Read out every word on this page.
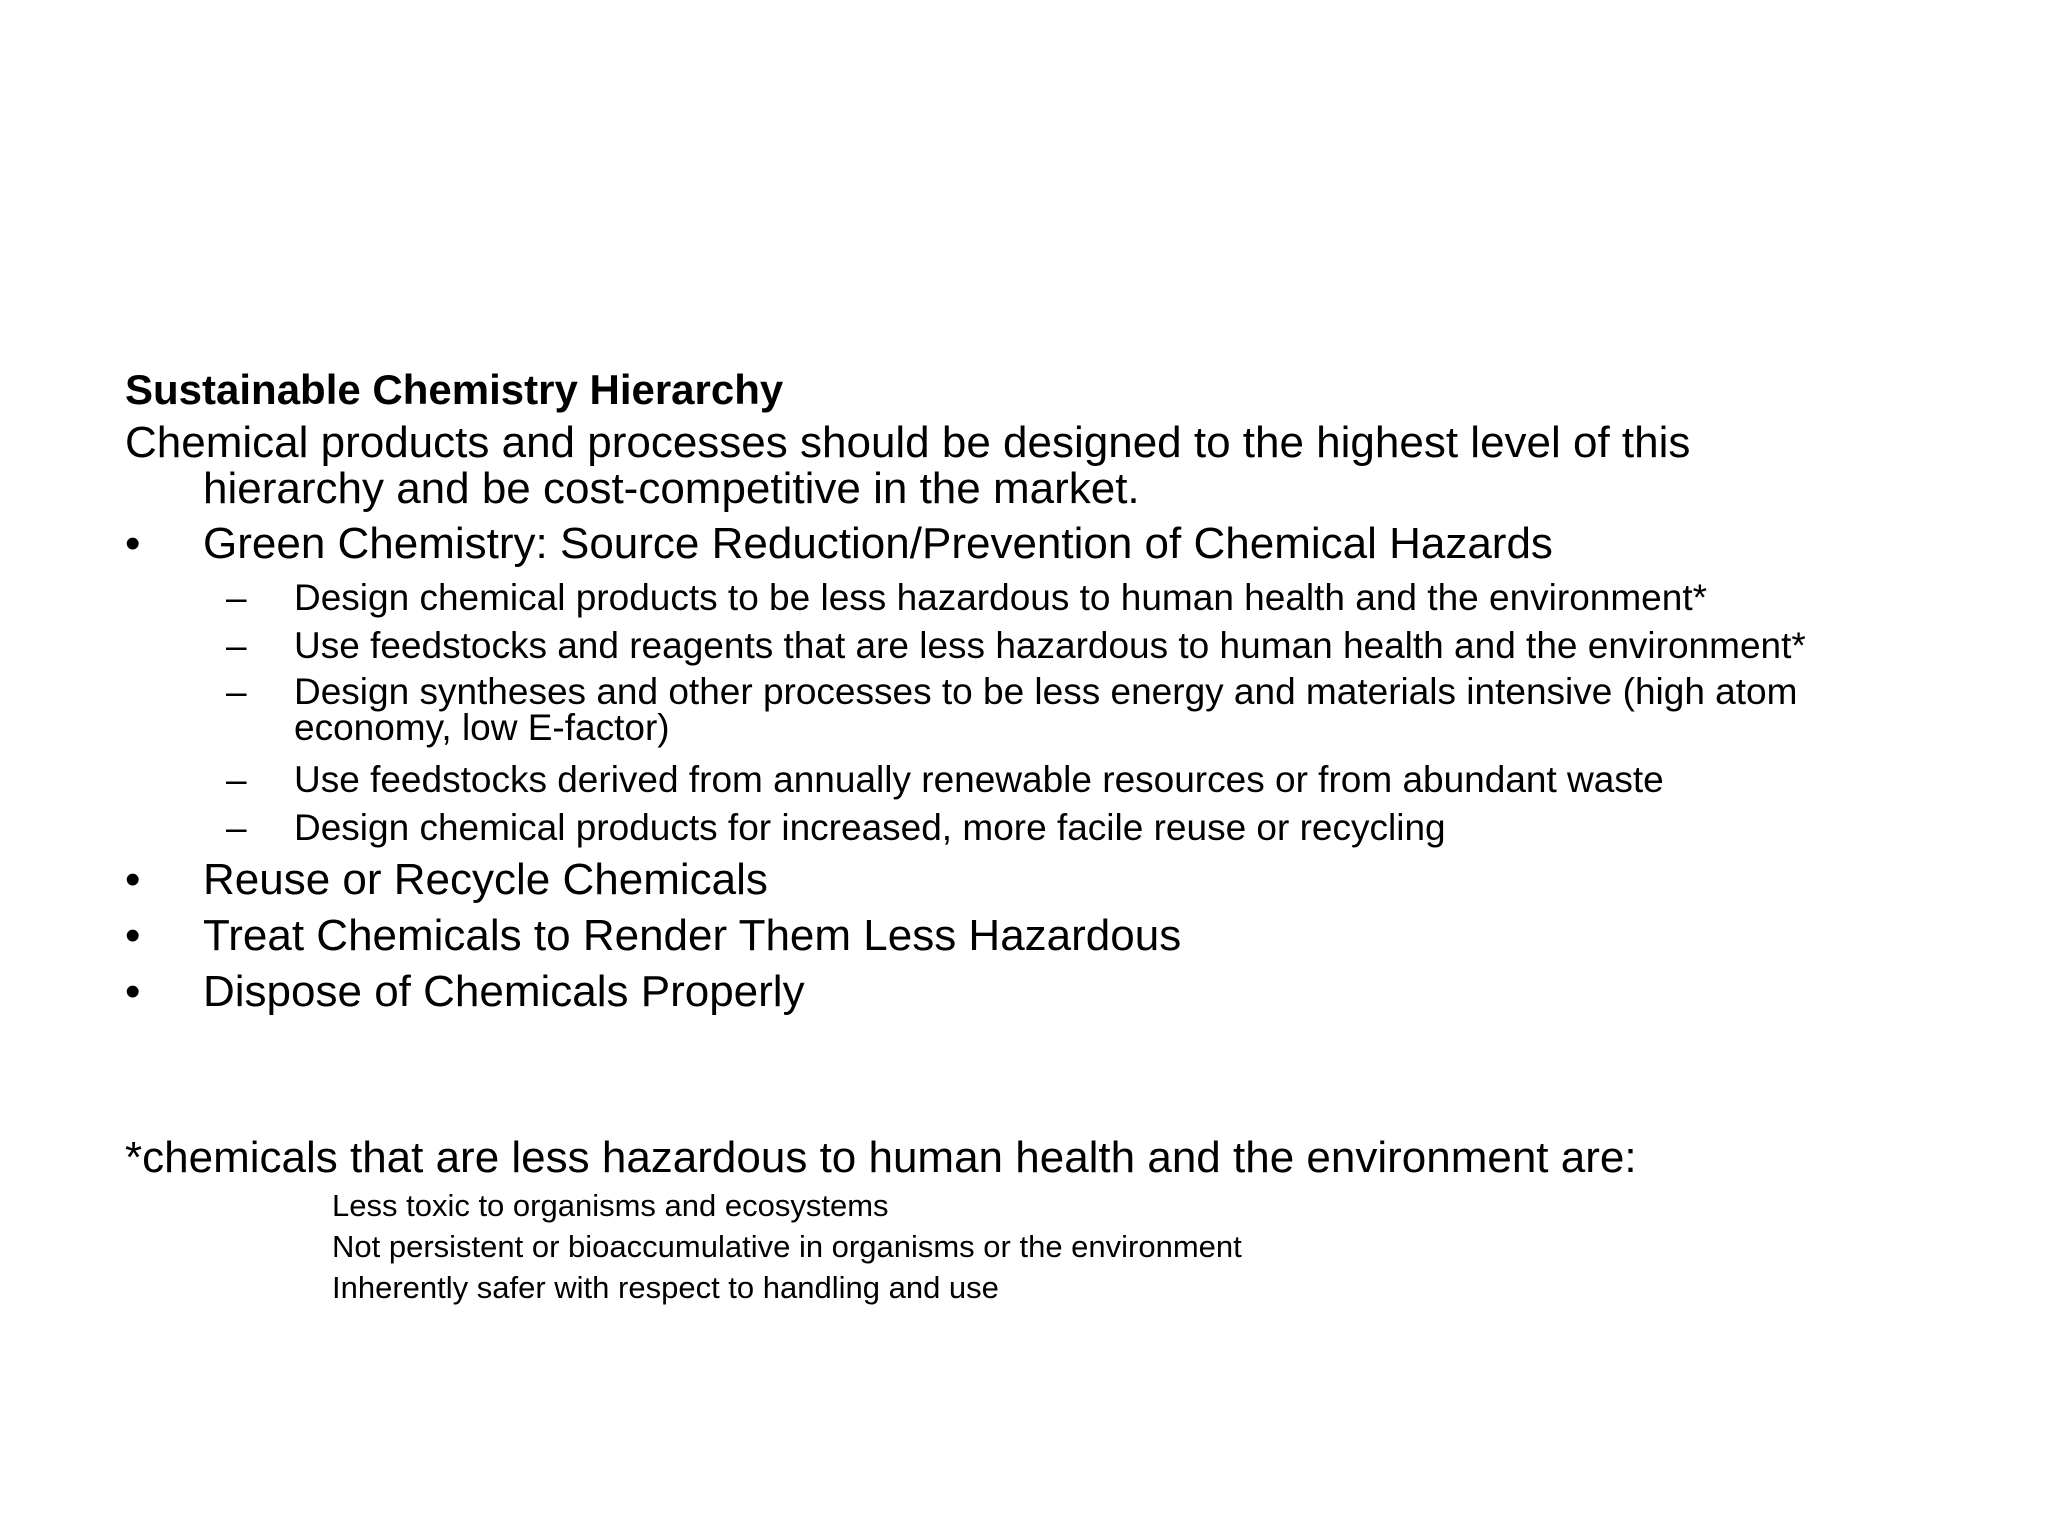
Sustainable Chemistry Hierarchy
Chemical products and processes should be designed to the highest level of this
hierarchy and be cost-competitive in the market.
• Green Chemistry: Source Reduction/Prevention of Chemical Hazards
– Design chemical products to be less hazardous to human health and the environment*
– Use feedstocks and reagents that are less hazardous to human health and the environment*
– Design syntheses and other processes to be less energy and materials intensive (high atom
economy, low E-factor)
– Use feedstocks derived from annually renewable resources or from abundant waste
– Design chemical products for increased, more facile reuse or recycling
• Reuse or Recycle Chemicals
• Treat Chemicals to Render Them Less Hazardous
• Dispose of Chemicals Properly
*chemicals that are less hazardous to human health and the environment are:
Less toxic to organisms and ecosystems
Not persistent or bioaccumulative in organisms or the environment
Inherently safer with respect to handling and use
